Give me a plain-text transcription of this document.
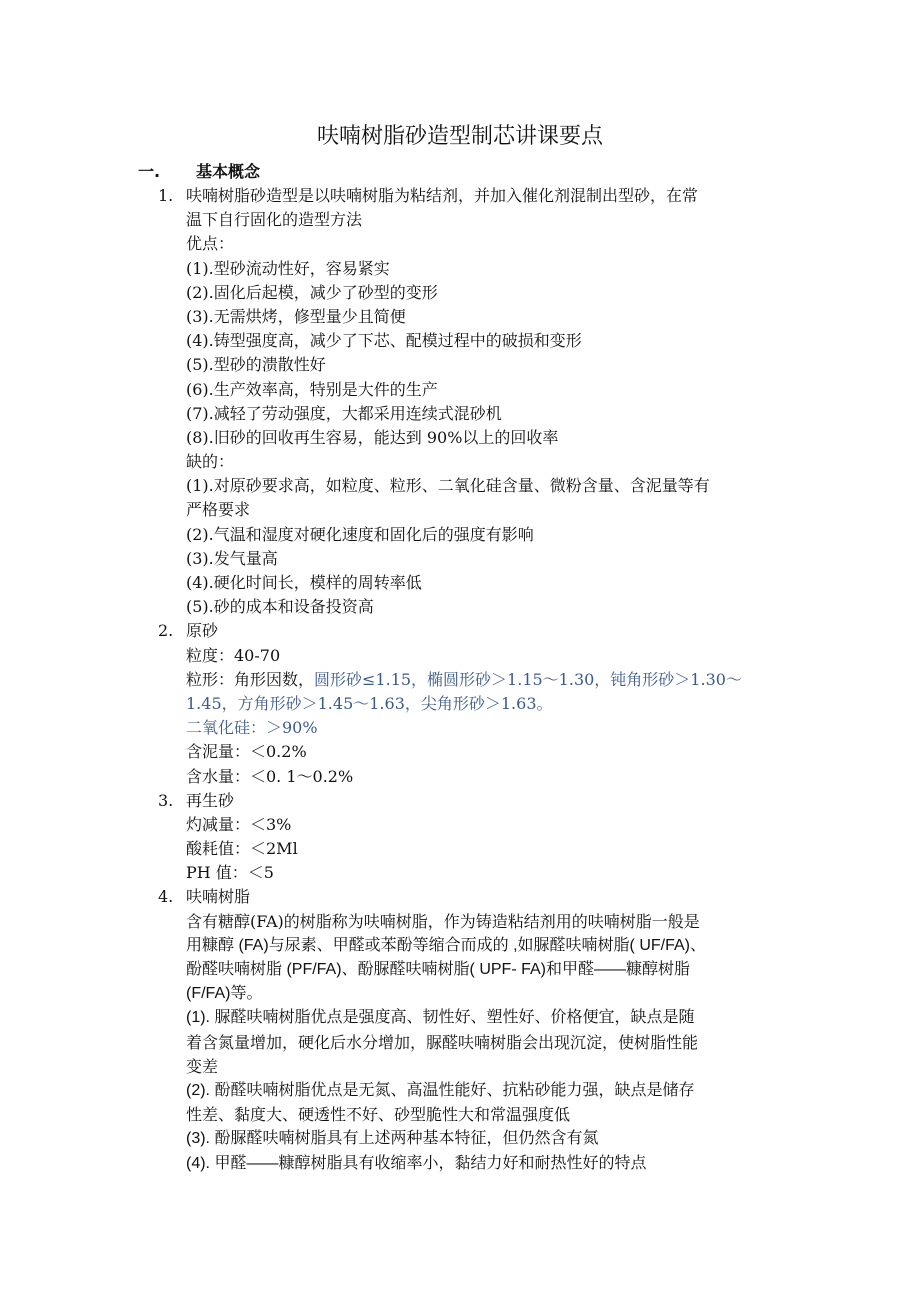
呋喃树脂砂造型制芯讲课要点
一. 基本概念
1. 呋喃树脂砂造型是以呋喃树脂为粘结剂，并加入催化剂混制出型砂，在常
温下自行固化的造型方法
优点：
(1).型砂流动性好，容易紧实
(2).固化后起模，减少了砂型的变形
(3).无需烘烤，修型量少且简便
(4).铸型强度高，减少了下芯、配模过程中的破损和变形
(5).型砂的溃散性好
(6).生产效率高，特别是大件的生产
(7).减轻了劳动强度，大都采用连续式混砂机
(8).旧砂的回收再生容易，能达到 90%以上的回收率
缺的：
(1).对原砂要求高，如粒度、粒形、二氧化硅含量、微粉含量、含泥量等有
严格要求
(2).气温和湿度对硬化速度和固化后的强度有影响
(3).发气量高
(4).硬化时间长，模样的周转率低
(5).砂的成本和设备投资高
2. 原砂
粒度：40-70
粒形：角形因数，圆形砂≤1.15，椭圆形砂＞1.15～1.30，钝角形砂＞1.30～
1.45，方角形砂＞1.45～1.63，尖角形砂＞1.63。
二氧化硅：＞90%
含泥量：＜0.2%
含水量：＜0. 1～0.2%
3. 再生砂
灼减量：＜3%
酸耗值：＜2Ml
PH 值：＜5
4. 呋喃树脂
含有糖醇(FA)的树脂称为呋喃树脂，作为铸造粘结剂用的呋喃树脂一般是
用糠醇 (FA)与尿素、甲醛或苯酚等缩合而成的 ,如脲醛呋喃树脂( UF/FA)、
酚醛呋喃树脂 (PF/FA)、酚脲醛呋喃树脂( UPF- FA)和甲醛——糠醇树脂
(F/FA)等。
(1). 脲醛呋喃树脂优点是强度高、韧性好、塑性好、价格便宜，缺点是随
着含氮量增加，硬化后水分增加，脲醛呋喃树脂会出现沉淀，使树脂性能
变差
(2). 酚醛呋喃树脂优点是无氮、高温性能好、抗粘砂能力强，缺点是储存
性差、黏度大、硬透性不好、砂型脆性大和常温强度低
(3). 酚脲醛呋喃树脂具有上述两种基本特征，但仍然含有氮
(4). 甲醛——糠醇树脂具有收缩率小，黏结力好和耐热性好的特点
